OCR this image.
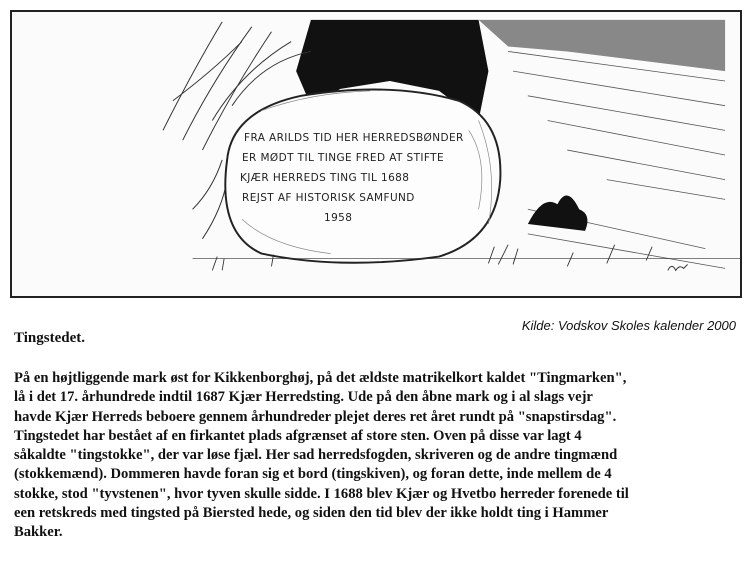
FRA ARILDS TID HER HERREDSBØNDER
ER MØDT TIL TINGE FRED AT STIFTE
KJÆR HERREDS TING TIL 1688
REJST AF HISTORISK SAMFUND
1958
Kilde: Vodskov Skoles kalender 2000
Tingstedet.
På en højtliggende mark øst for Kikkenborghøj, på det ældste matrikelkort kaldet "Tingmarken",
lå i det 17. århundrede indtil 1687 Kjær Herredsting. Ude på den åbne mark og i al slags vejr
havde Kjær Herreds beboere gennem århundreder plejet deres ret året rundt på "snapstirsdag".
Tingstedet har bestået af en firkantet plads afgrænset af store sten. Oven på disse var lagt 4
såkaldte "tingstokke", der var løse fjæl. Her sad herredsfogden, skriveren og de andre tingmænd
(stokkemænd). Dommeren havde foran sig et bord (tingskiven), og foran dette, inde mellem de 4
stokke, stod "tyvstenen", hvor tyven skulle sidde. I 1688 blev Kjær og Hvetbo herreder forenede til
een retskreds med tingsted på Biersted hede, og siden den tid blev der ikke holdt ting i Hammer
Bakker.
